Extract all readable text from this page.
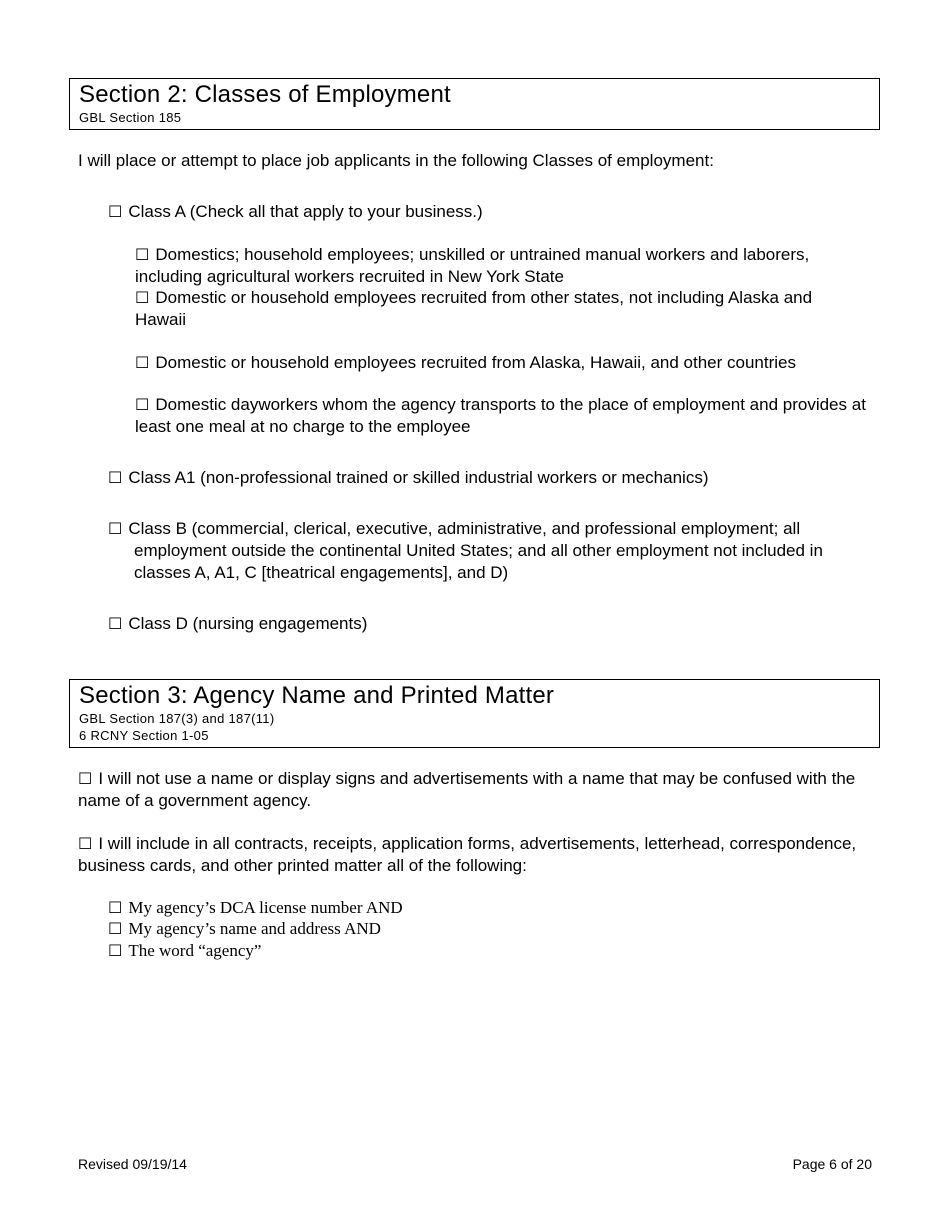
Section 2: Classes of Employment
GBL Section 185
I will place or attempt to place job applicants in the following Classes of employment:
☐ Class A (Check all that apply to your business.)
☐ Domestics; household employees; unskilled or untrained manual workers and laborers,
including agricultural workers recruited in New York State
☐ Domestic or household employees recruited from other states, not including Alaska and
Hawaii
☐ Domestic or household employees recruited from Alaska, Hawaii, and other countries
☐ Domestic dayworkers whom the agency transports to the place of employment and provides at
least one meal at no charge to the employee
☐ Class A1 (non-professional trained or skilled industrial workers or mechanics)
☐ Class B (commercial, clerical, executive, administrative, and professional employment; all
employment outside the continental United States; and all other employment not included in
classes A, A1, C [theatrical engagements], and D)
☐ Class D (nursing engagements)
Section 3: Agency Name and Printed Matter
GBL Section 187(3) and 187(11)
6 RCNY Section 1-05
☐ I will not use a name or display signs and advertisements with a name that may be confused with the
name of a government agency.
☐ I will include in all contracts, receipts, application forms, advertisements, letterhead, correspondence,
business cards, and other printed matter all of the following:
☐ My agency’s DCA license number AND
☐ My agency’s name and address AND
☐ The word “agency”
Revised 09/19/14	Page 6 of 20
